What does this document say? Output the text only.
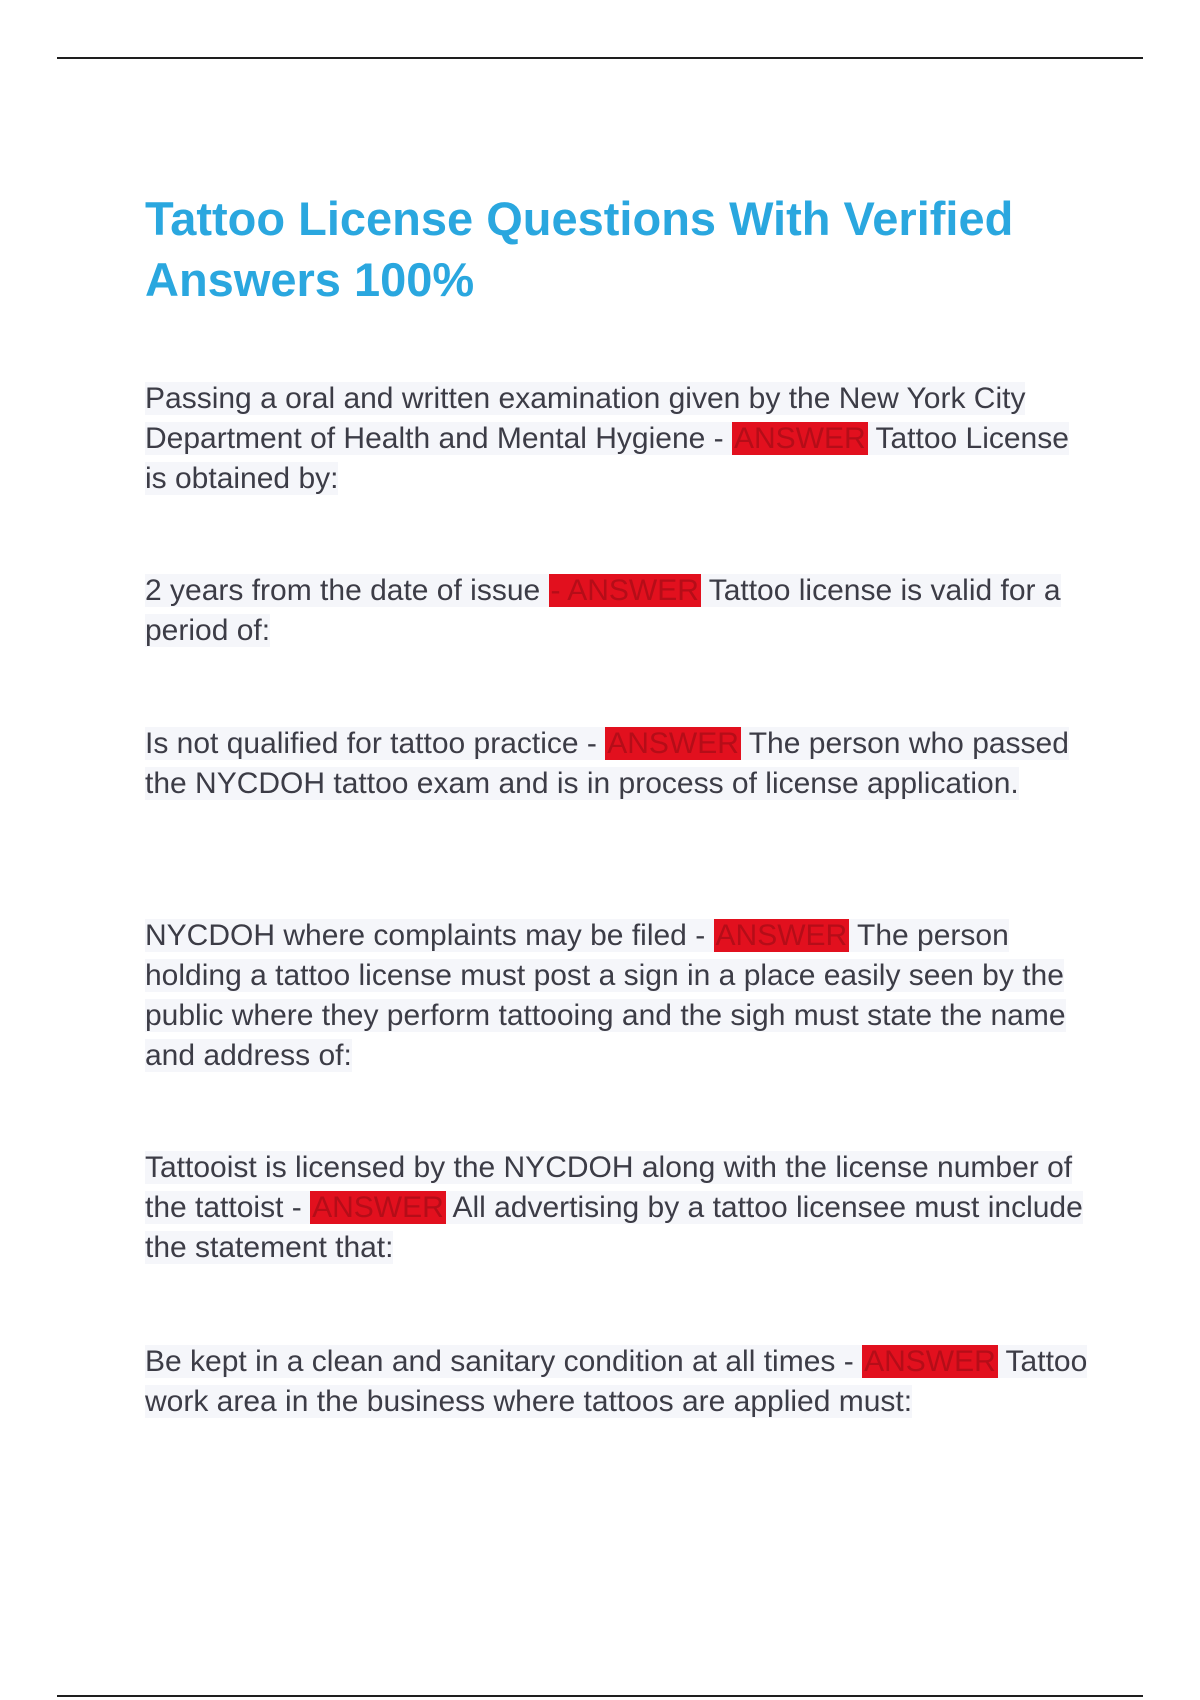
Tattoo License Questions With Verified Answers 100%

Passing a oral and written examination given by the New York City Department of Health and Mental Hygiene - ANSWER Tattoo License is obtained by:

2 years from the date of issue - ANSWER Tattoo license is valid for a period of:

Is not qualified for tattoo practice - ANSWER The person who passed the NYCDOH tattoo exam and is in process of license application.

NYCDOH where complaints may be filed - ANSWER The person holding a tattoo license must post a sign in a place easily seen by the public where they perform tattooing and the sigh must state the name and address of:

Tattooist is licensed by the NYCDOH along with the license number of the tattoist - ANSWER All advertising by a tattoo licensee must include the statement that:

Be kept in a clean and sanitary condition at all times - ANSWER Tattoo work area in the business where tattoos are applied must:
